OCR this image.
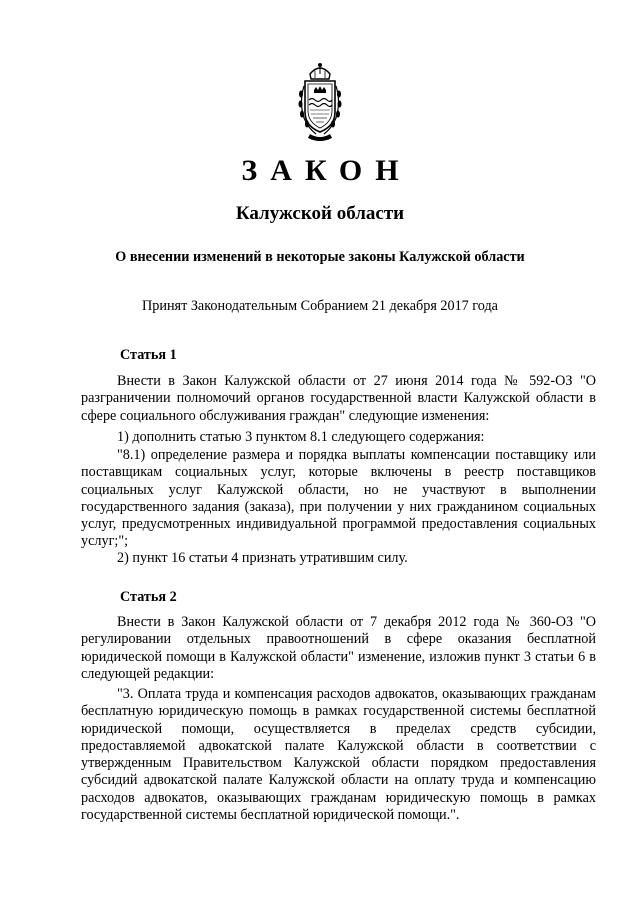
ЗАКОН
Калужской области
О внесении изменений в некоторые законы Калужской области
Принят Законодательным Собранием 21 декабря 2017 года
Статья 1

Внести в Закон Калужской области от 27 июня 2014 года № 592-ОЗ "О разграничении полномочий органов государственной власти Калужской области в сфере социального обслуживания граждан" следующие изменения:

1) дополнить статью 3 пунктом 8.1 следующего содержания:

"8.1) определение размера и порядка выплаты компенсации поставщику или поставщикам социальных услуг, которые включены в реестр поставщиков социальных услуг Калужской области, но не участвуют в выполнении государственного задания (заказа), при получении у них гражданином социальных услуг, предусмотренных индивидуальной программой предоставления социальных услуг;";

2) пункт 16 статьи 4 признать утратившим силу.

Статья 2

Внести в Закон Калужской области от 7 декабря 2012 года № 360-ОЗ "О регулировании отдельных правоотношений в сфере оказания бесплатной юридической помощи в Калужской области" изменение, изложив пункт 3 статьи 6 в следующей редакции:

"3. Оплата труда и компенсация расходов адвокатов, оказывающих гражданам бесплатную юридическую помощь в рамках государственной системы бесплатной юридической помощи, осуществляется в пределах средств субсидии, предоставляемой адвокатской палате Калужской области в соответствии с утвержденным Правительством Калужской области порядком предоставления субсидий адвокатской палате Калужской области на оплату труда и компенсацию расходов адвокатов, оказывающих гражданам юридическую помощь в рамках государственной системы бесплатной юридической помощи.".
